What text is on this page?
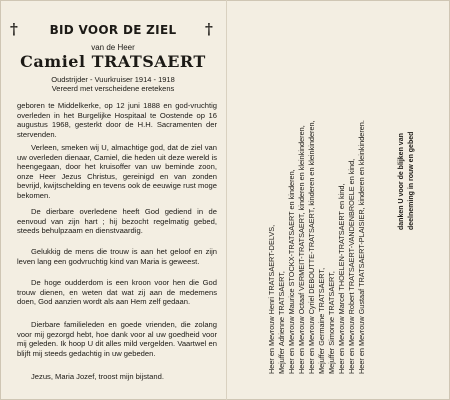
†	†
BID VOOR DE ZIEL
van de Heer
Camiel TRATSAERT
Oudstrijder - Vuurkruiser 1914 - 1918
Vereerd met verscheidene eretekens
geboren te Middelkerke, op 12 juni 1888 en god-vruchtig overleden in het Burgelijke Hospitaal te Oostende op 16 augustus 1968, gesterkt door de H.H. Sacramenten der stervenden.
Verleen, smeken wij U, almachtige god, dat de ziel van uw overleden dienaar, Camiel, die heden uit deze wereld is heengegaan, door het kruisoffer van uw beminde zoon, onze Heer Jezus Christus, gereinigd en van zonden bevrijd, kwijtschelding en tevens ook de eeuwige rust moge bekomen.
De dierbare overledene heeft God gediend in de eenvoud van zijn hart ; hij bezocht regelmatig gebed, steeds behulpzaam en dienstvaardig.
Gelukkig de mens die trouw is aan het geloof en zijn leven lang een godvruchtig kind van Maria is geweest.
De hoge oudderdom is een kroon voor hen die God trouw dienen, en weten dat wat zij aan de medemens doen, God aanzien wordt als aan Hem zelf gedaan.
Dierbare familieleden en goede vrienden, die zolang voor mij gezorgd hebt, hoe dank voor al uw goedheid voor mij geleden. Ik hoop U dit alles mild vergelden. Vaartwel en blijft mij steeds gedachtig in uw gebeden.
Jezus, Maria Jozef, troost mijn bijstand.
Heer en Mevrouw Henri TRATSAERT-DELVS, Mejuffer Adrienne TRATSAERT, Heer en Mevrouw Maurice STOCKX-TRATSAERT en kinderen, Heer en Mevrouw Octaaf VERMEIT-TRATSAERT, kinderen en kleinkinderen, Heer en Mevrouw Cyriel DEBOUTTE-TRATSAERT, kinderen en kleinkinderen, Mejuffer Germaine TRATSAERT, Mejuffer Simonne TRATSAERT, Heer en Mevrouw Marcel THOELEN-TRATSAERT en kind, Heer en Mevrouw Robert TRATSAERT-VANDENBROELE en kind, Heer en Mevrouw Gustaaf TRATSAERT-PLAISIER, kinderen en kleinkinderen.	danken U voor de blijken van deelneming in rouw en gebed
